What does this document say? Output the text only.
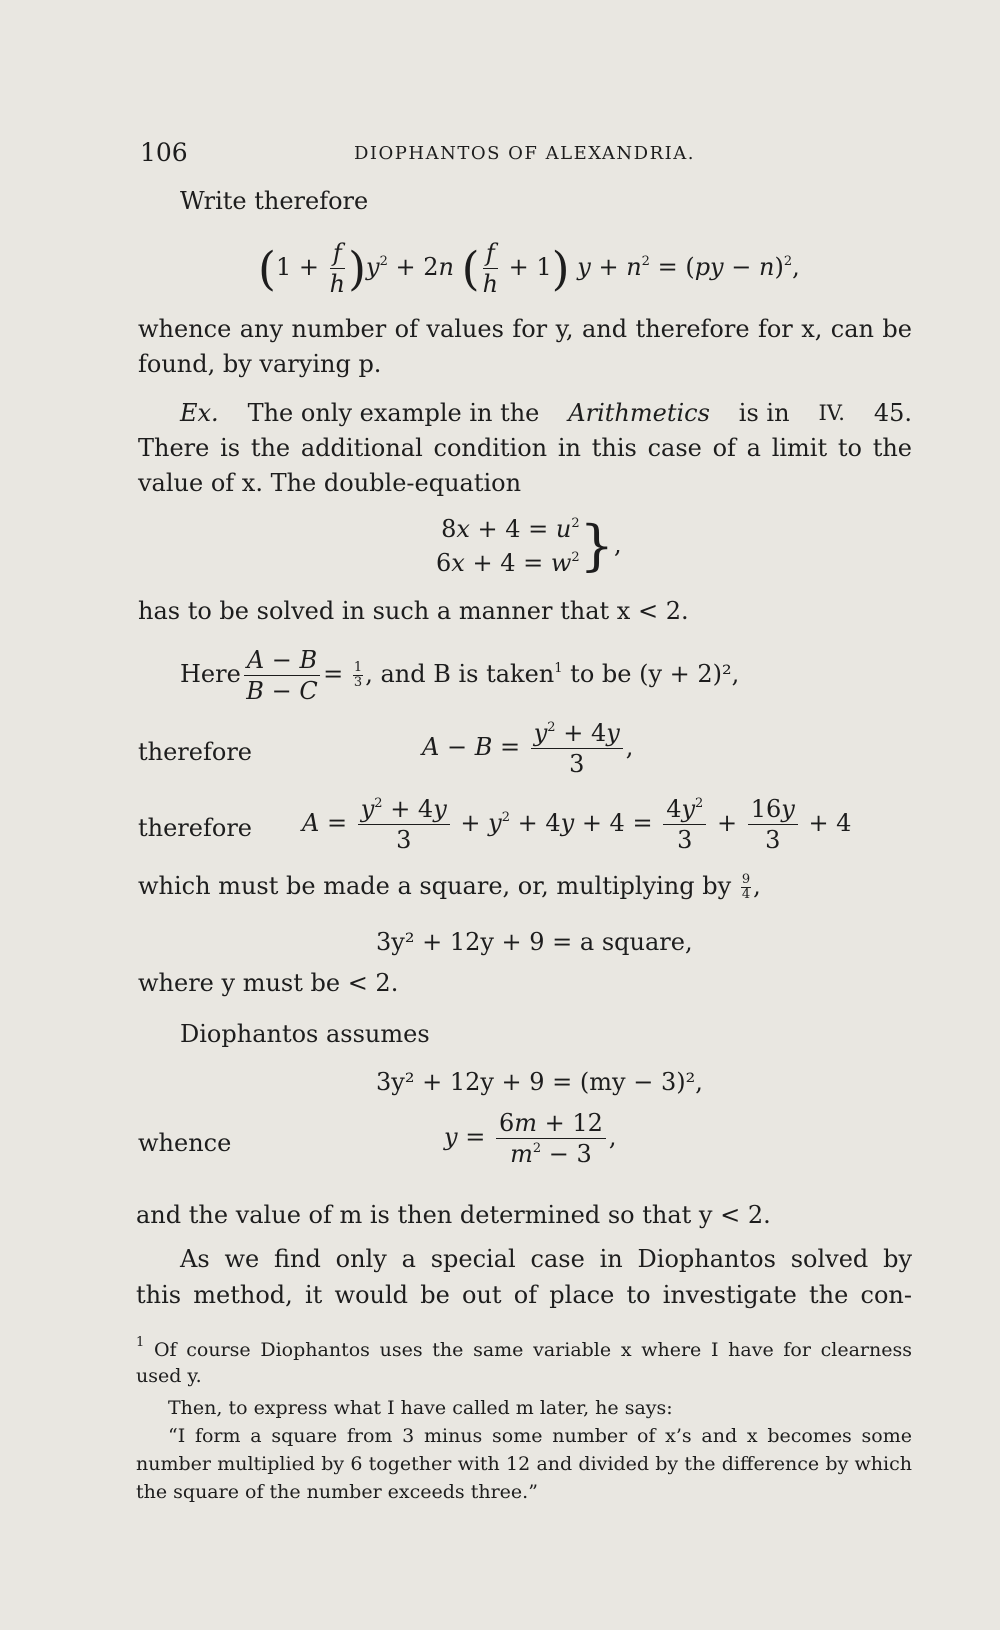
106	DIOPHANTOS OF ALEXANDRIA.

Write therefore

$(1 + \frac{f}{h} )y^2 + 2n$ ( $\frac{f}{h} + 1$) $y + n^2 = (py - n)^2$,

whence any number of values for y, and therefore for x, can be

found, by varying p.

Ex. The only example in the Arithmetics is in IV. 45.

There is the additional condition in this case of a limit to the

value of x. The double-equation

$8x + 4 = u^2$
$6x + 4 = w^2$ },

has to be solved in such a manner that x < 2.

Here $\frac{A - B}{B - C} = \frac{1}{3}$ , and B is taken$^1$ to be (y + 2)²,
therefore	$A - B = \frac{y^2 + 4y}{3}$ ,
therefore $A = \frac{y^2 + 4y}{3} + y^2 + 4y + 4 = \frac{4y^2}{3} + \frac{16y}{3} + 4$
which must be made a square, or, multiplying by $\frac{9}{4}$ ,
3y² + 12y + 9 = a square,

where y must be < 2.

Diophantos assumes

3y² + 12y + 9 = (my − 3)²,
whence	$y = \frac{6m + 12}{m^2 - 3}$ ,

and the value of m is then determined so that y < 2.

As we find only a special case in Diophantos solved by

this method, it would be out of place to investigate the con-

$^1$ Of course Diophantos uses the same variable x where I have for clearness

used y.

Then, to express what I have called m later, he says:

“I form a square from 3 minus some number of x’s and x becomes some

number multiplied by 6 together with 12 and divided by the difference by which

the square of the number exceeds three.”
